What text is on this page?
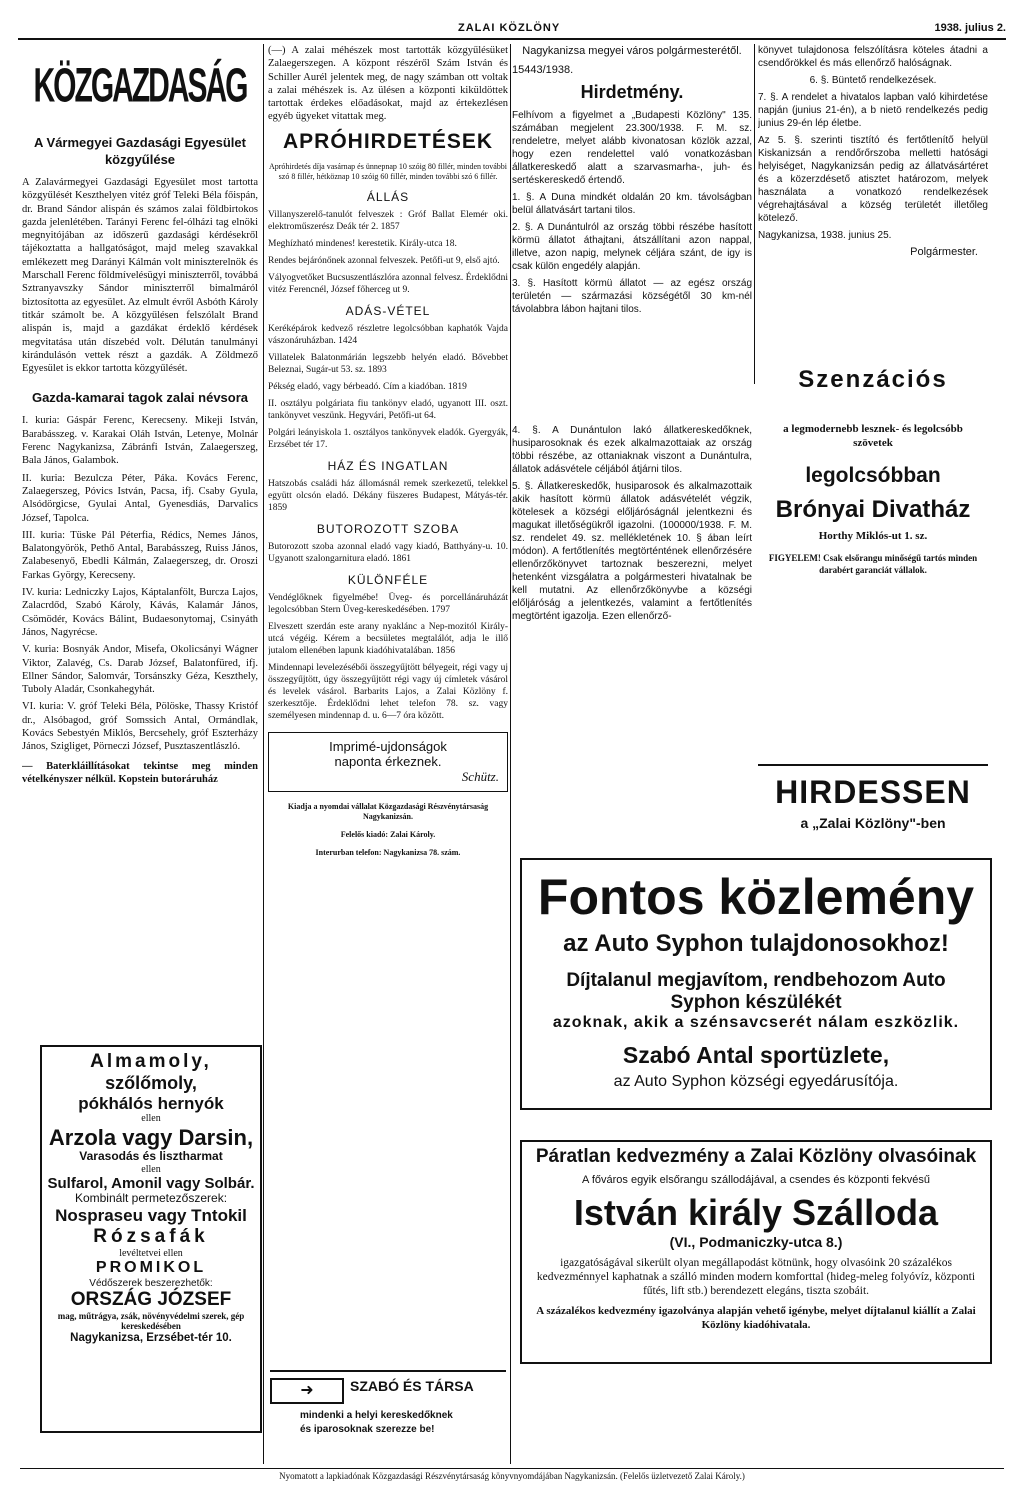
ZALAI KÖZLÖNY	1938. julius 2.
KÖZGAZDASÁG
A Vármegyei Gazdasági Egyesület közgyűlése

A Zalavármegyei Gazdasági Egyesület most tartotta közgyűlését Keszthelyen vitéz gróf Teleki Béla főispán, dr. Brand Sándor alispán és számos zalai földbirtokos gazda jelenlétében. Tarányi Ferenc fel-ólházi tag elnöki megnyitójában az időszerű gazdasági kérdésekről tájékoztatta a hallgatóságot, majd meleg szavakkal emlékezett meg Darányi Kálmán volt miniszterelnök és Marschall Ferenc földmívelésügyi miniszterről, továbbá Sztranyavszky Sándor miniszterről bimalmáról biztosította az egyesület. Az elmult évről Asbóth Károly titkár számolt be. A közgyűlésen felszólalt Brand alispán is, majd a gazdákat érdeklő kérdések megvitatása után díszebéd volt. Délután tanulmányi kirándulásón vettek részt a gazdák. A Zöldmező Egyesület is ekkor tartotta közgyűlését.

Gazda-kamarai tagok zalai névsora

I. kuria: Gáspár Ferenc, Kerecseny. Mikeji István, Barabásszeg. v. Karakai Oláh István, Letenye, Molnár Ferenc Nagykanizsa, Zábránfi István, Zalaegerszeg, Bala János, Galambok.

II. kuria: Bezulcza Péter, Páka. Kovács Ferenc, Zalaegerszeg, Póvics István, Pacsa, ifj. Csaby Gyula, Alsódörgicse, Gyulai Antal, Gyenesdiás, Darvalics József, Tapolca.

III. kuria: Tüske Pál Péterfia, Rédics, Nemes János, Balatongyörök, Pethő Antal, Barabásszeg, Ruiss János, Zalabesenyő, Ebedli Kálmán, Zalaegerszeg, dr. Oroszi Farkas György, Kerecseny.

IV. kuria: Ledniczky Lajos, Káptalanfölt, Burcza Lajos, Zalacrdőd, Szabó Károly, Kávás, Kalamár János, Csömödér, Kovács Bálint, Budaesonytomaj, Csinyáth János, Nagyrécse.

V. kuria: Bosnyák Andor, Misefa, Okolicsányi Wágner Viktor, Zalavég, Cs. Darab József, Balatonfüred, ifj. Ellner Sándor, Salomvár, Torsánszky Géza, Keszthely, Tuboly Aladár, Csonkahegyhát.

VI. kuria: V. gróf Teleki Béla, Pölöske, Thassy Kristóf dr., Alsóbagod, gróf Somssich Antal, Ormándlak, Kovács Sebestyén Miklós, Bercsehely, gróf Eszterházy János, Szigliget, Pörneczi József, Pusztaszentlászló.

— Baterkláillításokat tekintse meg minden vételkényszer nélkül. Kopstein butoráruház

Almamoly,

szőlőmoly,

pókhálós hernyók

ellen

Arzola vagy Darsin,

Varasodás és lisztharmat

ellen

Sulfarol, Amonil vagy Solbár.

Kombinált permetezőszerek:

Nospraseu vagy Tntokil

Rózsafák

levéltetvei ellen

PROMIKOL

Védőszerek beszerezhetők:

ORSZÁG JÓZSEF

mag, műtrágya, zsák, növényvédelmi szerek, gép kereskedésében

Nagykanizsa, Erzsébet-tér 10.

(—) A zalai méhészek most tartották közgyűlésüket Zalaegerszegen. A központ részéről Szám István és Schiller Aurél jelentek meg, de nagy számban ott voltak a zalai méhészek is. Az ülésen a központi kiküldöttek tartottak érdekes előadásokat, majd az értekezlésen egyéb ügyeket vitattak meg.

APRÓHIRDETÉSEK

Apróhirdetés díja vasárnap és ünnepnap 10 szóig 80 fillér, minden további szó 8 fillér, hétköznap 10 szóig 60 fillér, minden további szó 6 fillér.

ÁLLÁS

Villanyszerelő-tanulót felveszek : Gróf Ballat Elemér oki. elektroműszerész Deák tér 2. 1857

Meghízható mindenes! kerestetik. Király-utca 18.

Rendes bejárónőnek azonnal felveszek. Petőfi-ut 9, első ajtó.

Vályogvetőket Bucsuszentlászlóra azonnal felvesz. Érdeklődni vitéz Ferencnél, József főherceg ut 9.

ADÁS-VÉTEL

Keréképárok kedvező részletre legolcsóbban kaphatók Vajda vászonáruházban. 1424

Villatelek Balatonmárián legszebb helyén eladó. Bővebbet Beleznai, Sugár-ut 53. sz. 1893

Pékség eladó, vagy bérbeadó. Cím a kiadóban. 1819

II. osztályu polgáriata fiu tankönyv eladó, ugyanott III. oszt. tankönyvet veszünk. Hegyvári, Petőfi-ut 64.

Polgári leányiskola 1. osztályos tankönyvek eladók. Gyergyák, Erzsébet tér 17.

HÁZ ÉS INGATLAN

Hatszobás családi ház állomásnál remek szerkezetű, telekkel együtt olcsón eladó. Dékány füszeres Budapest, Mátyás-tér. 1859

BUTOROZOTT SZOBA

Butorozott szoba azonnal eladó vagy kiadó, Batthyány-u. 10. Ugyanott szalongarnitura eladó. 1861

KÜLÖNFÉLE

Vendéglőknek figyelmébe! Üveg- és porcellánáruházát legolcsóbban Stern Üveg-kereskedésében. 1797

Elveszett szerdán este arany nyaklánc a Nep-mozitól Király-utcá végéig. Kérem a becsületes megtalálót, adja le illő jutalom ellenében lapunk kiadóhivatalában. 1856

Mindennapi levelezésébői összegyűjtött bélyegeit, régi vagy uj összegyűjtött, úgy összegyűjtött régi vagy új címletek vásárol és levelek vásárol. Barbarits Lajos, a Zalai Közlöny f. szerkesztője. Érdeklődni lehet telefon 78. sz. vagy személyesen mindennap d. u. 6—7 óra között.

Imprimé-ujdonságok
naponta érkeznek.
Schütz.

Kiadja a nyomdai vállalat Közgazdasági Részvénytársaság Nagykanizsán.

Felelős kiadó: Zalai Károly.

Interurban telefon: Nagykanizsa 78. szám.

Nagykanizsa megyei város polgármesterétől.
15443/1938.
Hirdetmény.

Felhívom a figyelmet a „Budapesti Közlöny" 135. számában megjelent 23.300/1938. F. M. sz. rendeletre, melyet alább kivonatosan közlök azzal, hogy ezen rendelettel való vonatkozásban állatkereskedő alatt a szarvasmarha-, juh- és sertéskereskedő értendő.

1. §. A Duna mindkét oldalán 20 km. távolságban belül állatvásárt tartani tilos.

2. §. A Dunántulról az ország többi részébe hasított körmü állatot áthajtani, átszállítani azon nappal, illetve, azon napig, melynek céljára szánt, de igy is csak külön engedély alapján.

3. §. Hasított körmü állatot — az egész ország területén — származási községétől 30 km-nél távolabbra lábon hajtani tilos.

4. §. A Dunántulon lakó állatkereskedőknek, husiparosoknak és ezek alkalmazottaiak az ország többi részébe, az ottaniaknak viszont a Dunántulra, állatok adásvétele céljából átjárni tilos.

5. §. Állatkereskedők, husiparosok és alkalmazottaik akik hasított körmü állatok adásvételét végzik, kötelesek a községi előljáróságnál jelentkezni és magukat illetőségükről igazolni. (100000/1938. F. M. sz. rendelet 49. sz. mellékletének 10. § ában leírt módon). A fertőtlenítés megtörténtének ellenőrzésére ellenőrzőkönyvet tartoznak beszerezni, melyet hetenként vizsgálatra a polgármesteri hivatalnak be kell mutatni. Az ellenőrzőkönyvbe a községi előljáróság a jelentkezés, valamint a fertőtlenítés megtörtént igazolja. Ezen ellenőrző-

könyvet tulajdonosa felszólításra köteles átadni a csendőrökkel és más ellenőrző halóságnak.

6. §. Büntető rendelkezések.

7. §. A rendelet a hivatalos lapban való kihirdetése napján (junius 21-én), a b nietö rendelkezés pedig junius 29-én lép életbe.

Az 5. §. szerinti tisztító és fertőtlenítő helyül Kiskanizsán a rendőrőrszoba melletti hatósági helyiséget, Nagykanizsán pedig az állatvásártéret és a közerzdésető atisztet határozom, melyek használata a vonatkozó rendelkezések végrehajtásával a község területét illetőleg kötelező.

Nagykanizsa, 1938. junius 25.

Polgármester.

Szenzációs
a legmodernebb lesznek- és legolcsóbb szövetek
legolcsóbban
Brónyai Divatház
Horthy Miklós-ut 1. sz.
FIGYELEM! Csak elsőrangu minőségű tartós minden darabért garanciát vállalok.
HIRDESSEN
a „Zalai Közlöny"-ben
Fontos közlemény
az Auto Syphon tulajdonosokhoz!
Díjtalanul megjavítom, rendbehozom Auto Syphon készülékét
azoknak, akik a szénsavcserét nálam eszközlik.
Szabó Antal sportüzlete,
az Auto Syphon községi egyedárusítója.
Páratlan kedvezmény a Zalai Közlöny olvasóinak
A főváros egyik elsőrangu szállodájával, a csendes és központi fekvésű
István király Szálloda
(VI., Podmaniczky-utca 8.)
igazgatóságával sikerült olyan megállapodást kötnünk, hogy olvasóink 20 százalékos kedvezménnyel kaphatnak a szálló minden modern komforttal (hideg-meleg folyóvíz, központi fűtés, lift stb.) berendezett elegáns, tiszta szobáit.
A százalékos kedvezmény igazolványa alapján vehető igénybe, melyet díjtalanul kiállít a Zalai Közlöny kiadóhivatala.
➜	SZABÓ ÉS TÁRSA
mindenki a helyi kereskedőknek
és iparosoknak szerezze be!
Nyomatott a lapkiadónak Közgazdasági Részvénytársaság könyvnyomdájában Nagykanizsán. (Felelős üzletvezető Zalai Károly.)
